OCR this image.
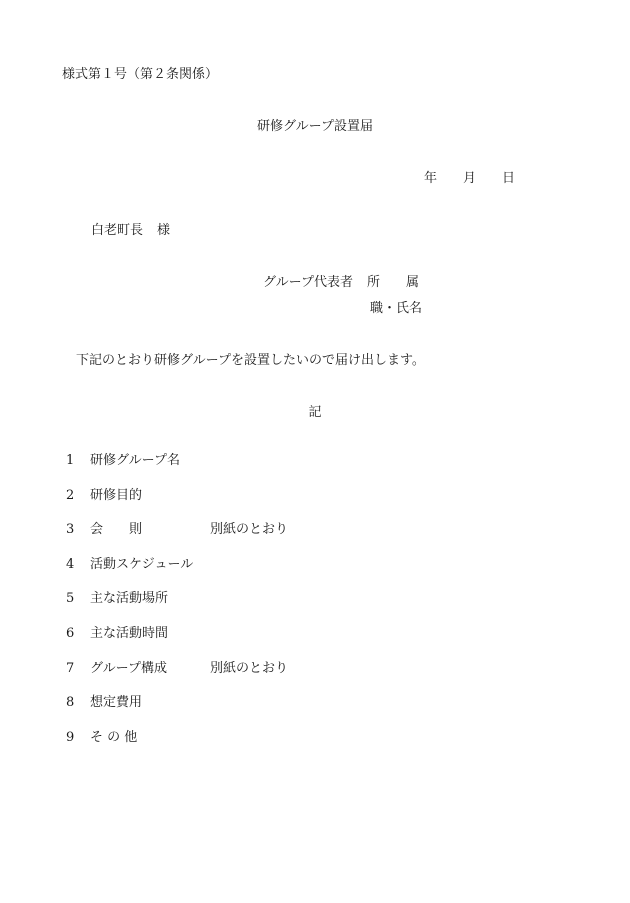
様式第１号（第２条関係）
研修グループ設置届
年 月 日
白老町長 様
グループ代表者 所 属
職・氏名
下記のとおり研修グループを設置したいので届け出します。
記
1 研修グループ名
2 研修目的
3 会　　則	別紙のとおり
4 活動スケジュール
5 主な活動場所
6 主な活動時間
7 グループ構成	別紙のとおり
8 想定費用
9 そ の 他
